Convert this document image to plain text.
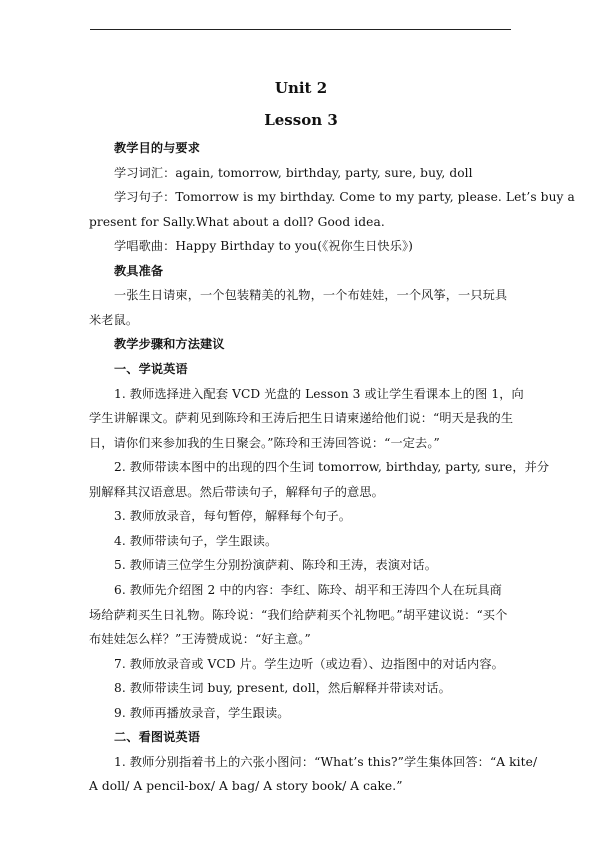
Unit 2
Lesson 3
教学目的与要求
学习词汇：again, tomorrow, birthday, party, sure, buy, doll
学习句子：Tomorrow is my birthday. Come to my party, please. Let’s buy a
present for Sally.What about a doll? Good idea.
学唱歌曲：Happy Birthday to you(《祝你生日快乐》)
教具准备
一张生日请柬，一个包装精美的礼物，一个布娃娃，一个风筝，一只玩具
米老鼠。
教学步骤和方法建议
一、学说英语
1. 教师选择进入配套 VCD 光盘的 Lesson 3 或让学生看课本上的图 1，向
学生讲解课文。萨莉见到陈玲和王涛后把生日请柬递给他们说：“明天是我的生
日，请你们来参加我的生日聚会。”陈玲和王涛回答说：“一定去。”
2. 教师带读本图中的出现的四个生词 tomorrow, birthday, party, sure，并分
别解释其汉语意思。然后带读句子，解释句子的意思。
3. 教师放录音，每句暂停，解释每个句子。
4. 教师带读句子，学生跟读。
5. 教师请三位学生分别扮演萨莉、陈玲和王涛，表演对话。
6. 教师先介绍图 2 中的内容：李红、陈玲、胡平和王涛四个人在玩具商
场给萨莉买生日礼物。陈玲说：“我们给萨莉买个礼物吧。”胡平建议说：“买个
布娃娃怎么样？”王涛赞成说：“好主意。”
7. 教师放录音或 VCD 片。学生边听（或边看）、边指图中的对话内容。
8. 教师带读生词 buy, present, doll，然后解释并带读对话。
9. 教师再播放录音，学生跟读。
二、看图说英语
1. 教师分别指着书上的六张小图问：“What’s this?”学生集体回答：“A kite/
A doll/ A pencil-box/ A bag/ A story book/ A cake.”
